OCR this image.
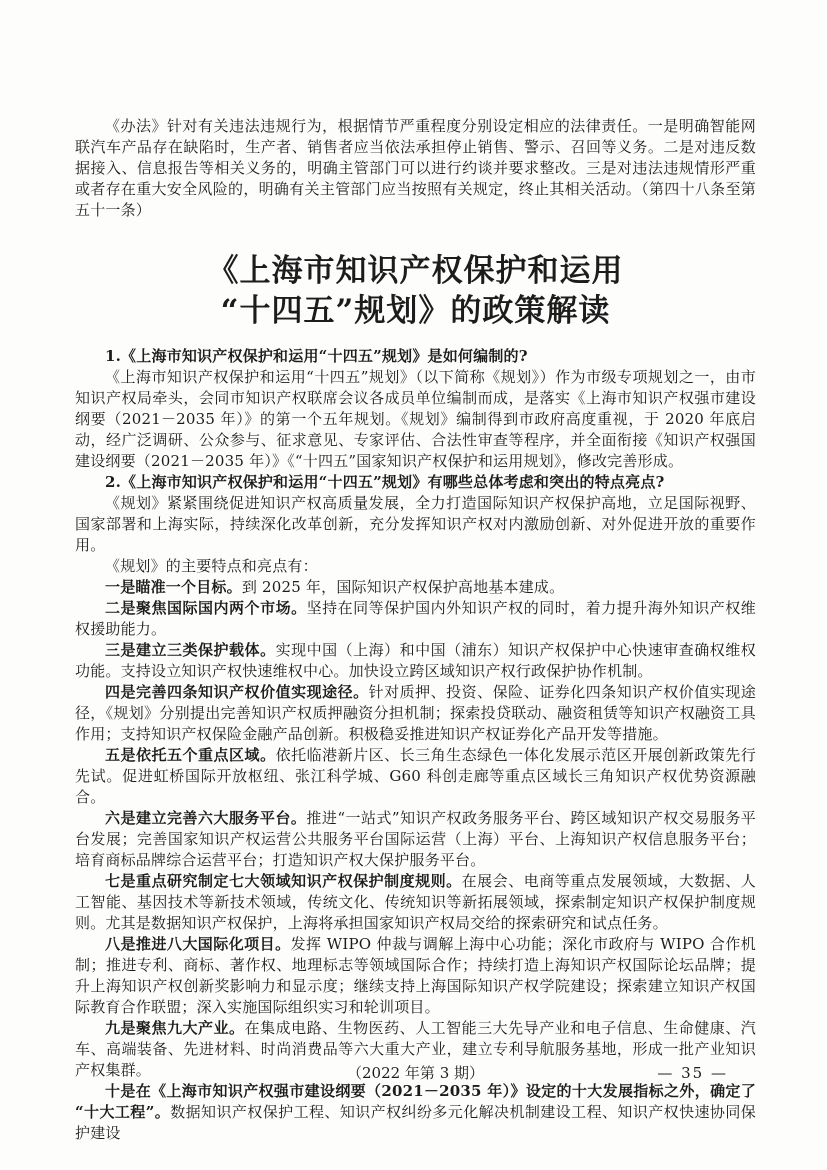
《办法》针对有关违法违规行为，根据情节严重程度分别设定相应的法律责任。一是明确智能网联汽车产品存在缺陷时，生产者、销售者应当依法承担停止销售、警示、召回等义务。二是对违反数据接入、信息报告等相关义务的，明确主管部门可以进行约谈并要求整改。三是对违法违规情形严重或者存在重大安全风险的，明确有关主管部门应当按照有关规定，终止其相关活动。（第四十八条至第五十一条）

《上海市知识产权保护和运用
“十四五”规划》的政策解读

1.《上海市知识产权保护和运用“十四五”规划》是如何编制的?

《上海市知识产权保护和运用“十四五”规划》（以下简称《规划》）作为市级专项规划之一，由市知识产权局牵头，会同市知识产权联席会议各成员单位编制而成，是落实《上海市知识产权强市建设纲要（2021－2035 年）》的第一个五年规划。《规划》编制得到市政府高度重视，于 2020 年底启动，经广泛调研、公众参与、征求意见、专家评估、合法性审查等程序，并全面衔接《知识产权强国建设纲要（2021－2035 年）》《“十四五”国家知识产权保护和运用规划》，修改完善形成。

2.《上海市知识产权保护和运用“十四五”规划》有哪些总体考虑和突出的特点亮点?

《规划》紧紧围绕促进知识产权高质量发展，全力打造国际知识产权保护高地，立足国际视野、国家部署和上海实际，持续深化改革创新，充分发挥知识产权对内激励创新、对外促进开放的重要作用。

《规划》的主要特点和亮点有：

一是瞄准一个目标。到 2025 年，国际知识产权保护高地基本建成。

二是聚焦国际国内两个市场。坚持在同等保护国内外知识产权的同时，着力提升海外知识产权维权援助能力。

三是建立三类保护载体。实现中国（上海）和中国（浦东）知识产权保护中心快速审查确权维权功能。支持设立知识产权快速维权中心。加快设立跨区域知识产权行政保护协作机制。

四是完善四条知识产权价值实现途径。针对质押、投资、保险、证券化四条知识产权价值实现途径，《规划》分别提出完善知识产权质押融资分担机制；探索投贷联动、融资租赁等知识产权融资工具作用；支持知识产权保险金融产品创新。积极稳妥推进知识产权证券化产品开发等措施。

五是依托五个重点区域。依托临港新片区、长三角生态绿色一体化发展示范区开展创新政策先行先试。促进虹桥国际开放枢纽、张江科学城、G60 科创走廊等重点区域长三角知识产权优势资源融合。

六是建立完善六大服务平台。推进“一站式”知识产权政务服务平台、跨区域知识产权交易服务平台发展；完善国家知识产权运营公共服务平台国际运营（上海）平台、上海知识产权信息服务平台；培育商标品牌综合运营平台；打造知识产权大保护服务平台。

七是重点研究制定七大领域知识产权保护制度规则。在展会、电商等重点发展领域，大数据、人工智能、基因技术等新技术领域，传统文化、传统知识等新拓展领域，探索制定知识产权保护制度规则。尤其是数据知识产权保护，上海将承担国家知识产权局交给的探索研究和试点任务。

八是推进八大国际化项目。发挥 WIPO 仲裁与调解上海中心功能；深化市政府与 WIPO 合作机制；推进专利、商标、著作权、地理标志等领域国际合作；持续打造上海知识产权国际论坛品牌；提升上海知识产权创新奖影响力和显示度；继续支持上海国际知识产权学院建设；探索建立知识产权国际教育合作联盟；深入实施国际组织实习和轮训项目。

九是聚焦九大产业。在集成电路、生物医药、人工智能三大先导产业和电子信息、生命健康、汽车、高端装备、先进材料、时尚消费品等六大重大产业，建立专利导航服务基地，形成一批产业知识产权集群。

十是在《上海市知识产权强市建设纲要（2021－2035 年）》设定的十大发展指标之外，确定了“十大工程”。数据知识产权保护工程、知识产权纠纷多元化解决机制建设工程、知识产权快速协同保护建设

（2022 年第 3 期）	— 35 —
